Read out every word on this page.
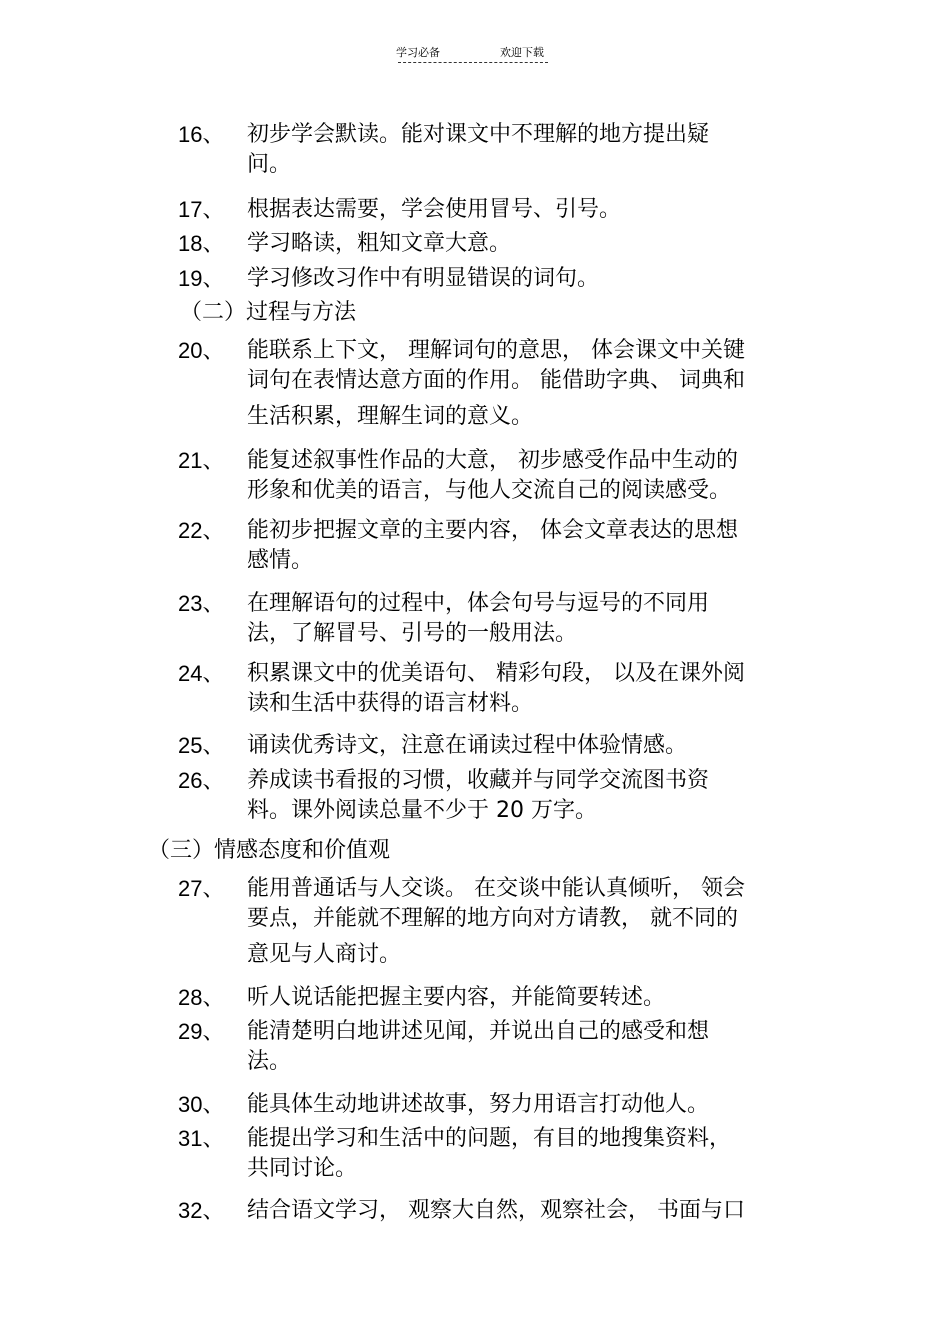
学习必备	欢迎下载
（二）过程与方法
（三）情感态度和价值观
16、 初步学会默读。能对课文中不理解的地方提出疑
问。
17、 根据表达需要，学会使用冒号、引号。
18、 学习略读，粗知文章大意。
19、 学习修改习作中有明显错误的词句。
20、 能联系上下文， 理解词句的意思， 体会课文中关键
词句在表情达意方面的作用。 能借助字典、 词典和
生活积累，理解生词的意义。
21、 能复述叙事性作品的大意， 初步感受作品中生动的
形象和优美的语言，与他人交流自己的阅读感受。
22、 能初步把握文章的主要内容， 体会文章表达的思想
感情。
23、 在理解语句的过程中，体会句号与逗号的不同用
法，了解冒号、引号的一般用法。
24、 积累课文中的优美语句、 精彩句段， 以及在课外阅
读和生活中获得的语言材料。
25、 诵读优秀诗文，注意在诵读过程中体验情感。
26、 养成读书看报的习惯，收藏并与同学交流图书资
料。课外阅读总量不少于 20 万字。
27、 能用普通话与人交谈。 在交谈中能认真倾听， 领会
要点，并能就不理解的地方向对方请教， 就不同的
意见与人商讨。
28、 听人说话能把握主要内容，并能简要转述。
29、 能清楚明白地讲述见闻，并说出自己的感受和想
法。
30、 能具体生动地讲述故事，努力用语言打动他人。
31、 能提出学习和生活中的问题，有目的地搜集资料，
共同讨论。
32、 结合语文学习， 观察大自然，观察社会， 书面与口
